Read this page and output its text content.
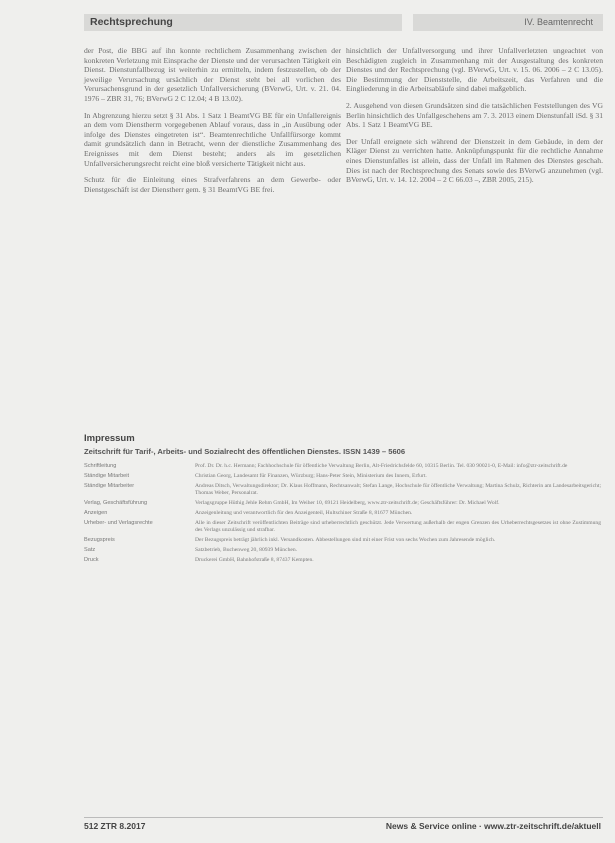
Rechtsprechung	IV. Beamtenrecht

der Post, die BBG auf ihn konnte rechtlichem Zusammenhang zwischen der konkreten Verletzung mit Einsprache der Dienste und der verursachten Tätigkeit ein Dienst. Dienstunfallbezug ist weiterhin zu ermitteln, indem festzustellen, ob der jeweilige Verursachung ursächlich der Dienst steht bei all vorlichen des Verursachensgrund in der gesetzlich Unfallversicherung (BVerwG, Urt. v. 21. 04. 1976 – ZBR 31, 76; BVerwG 2 C 12.04; 4 B 13.02).

In Abgrenzung hierzu setzt § 31 Abs. 1 Satz 1 BeamtVG BE für ein Unfallereignis an dem vom Dienstherrn vorgegebenen Ablauf voraus, dass in „in Ausübung oder infolge des Dienstes eingetreten ist“. Beamtenrechtliche Unfallfürsorge kommt damit grundsätzlich dann in Betracht, wenn der dienstliche Zusammenhang des Ereignisses mit dem Dienst besteht; anders als im gesetzlichen Unfallversicherungsrecht reicht eine bloß versicherte Tätigkeit nicht aus.

Schutz für die Einleitung eines Strafverfahrens an dem Gewerbe- oder Dienstgeschäft ist der Dienstherr gem. § 31 BeamtVG BE frei.

hinsichtlich der Unfallversorgung und ihrer Unfallverletzten ungeachtet von Beschädigten zugleich in Zusammenhang mit der Ausgestaltung des konkreten Dienstes und der Rechtsprechung (vgl. BVerwG, Urt. v. 15. 06. 2006 – 2 C 13.05). Die Bestimmung der Dienststelle, die Arbeitszeit, das Verfahren und die Eingliederung in die Arbeitsabläufe sind dabei maßgeblich.

2. Ausgehend von diesen Grundsätzen sind die tatsächlichen Feststellungen des VG Berlin hinsichtlich des Unfallgeschehens am 7. 3. 2013 einem Dienstunfall iSd. § 31 Abs. 1 Satz 1 BeamtVG BE.

Der Unfall ereignete sich während der Dienstzeit in dem Gebäude, in dem der Kläger Dienst zu verrichten hatte. Anknüpfungspunkt für die rechtliche Annahme eines Dienstunfalles ist allein, dass der Unfall im Rahmen des Dienstes geschah. Dies ist nach der Rechtsprechung des Senats sowie des BVerwG anzunehmen (vgl. BVerwG, Urt. v. 14. 12. 2004 – 2 C 66.03 –, ZBR 2005, 215).

Impressum
Zeitschrift für Tarif-, Arbeits- und Sozialrecht des öffentlichen Dienstes. ISSN 1439 – 5606
Schriftleitung	Prof. Dr. Dr. h.c. Hermann; Fachhochschule für öffentliche Verwaltung Berlin, Alt-Friedrichsfelde 60, 10315 Berlin. Tel. 030 90021-0, E-Mail: info@ztr-zeitschrift.de
Ständige Mitarbeit	Christian Georg, Landesamt für Finanzen, Würzburg; Hans-Peter Stein, Ministerium des Innern, Erfurt.
Ständige Mitarbeiter	Andreas Ditsch, Verwaltungsdirektor; Dr. Klaus Hoffmann, Rechtsanwalt; Stefan Lange, Hochschule für öffentliche Verwaltung; Martina Schulz, Richterin am Landesarbeitsgericht; Thomas Weber, Personalrat.
Verlag, Geschäftsführung	Verlagsgruppe Hüthig Jehle Rehm GmbH, Im Weiher 10, 69121 Heidelberg, www.ztr-zeitschrift.de; Geschäftsführer: Dr. Michael Wolf.
Anzeigen	Anzeigenleitung und verantwortlich für den Anzeigenteil, Hultschiner Straße 8, 81677 München.
Urheber- und Verlagsrechte	Alle in dieser Zeitschrift veröffentlichten Beiträge sind urheberrechtlich geschützt. Jede Verwertung außerhalb der engen Grenzen des Urheberrechtsgesetzes ist ohne Zustimmung des Verlags unzulässig und strafbar.
Bezugspreis	Der Bezugspreis beträgt jährlich inkl. Versandkosten. Abbestellungen sind mit einer Frist von sechs Wochen zum Jahresende möglich.
Satz	Satzbetrieb, Buchenweg 20, 80939 München.
Druck	Druckerei GmbH, Bahnhofstraße 8, 87437 Kempten.
512 ZTR 8.2017	News & Service online · www.ztr-zeitschrift.de/aktuell
